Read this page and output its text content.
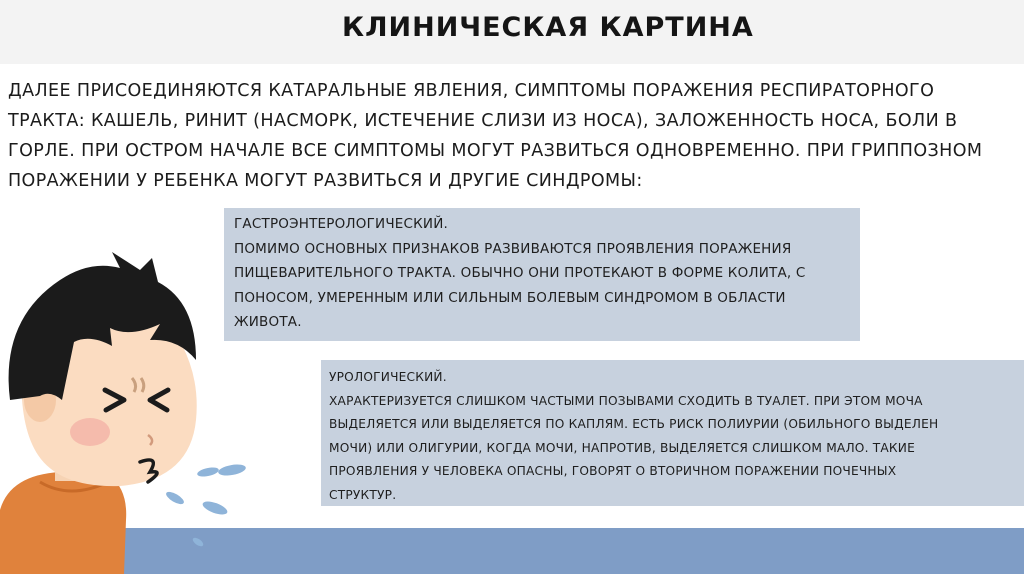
КЛИНИЧЕСКАЯ КАРТИНА
ДАЛЕЕ ПРИСОЕДИНЯЮТСЯ КАТАРАЛЬНЫЕ ЯВЛЕНИЯ, СИМПТОМЫ ПОРАЖЕНИЯ РЕСПИРАТОРНОГО ТРАКТА: КАШЕЛЬ, РИНИТ (НАСМОРК, ИСТЕЧЕНИЕ СЛИЗИ ИЗ НОСА), ЗАЛОЖЕННОСТЬ НОСА, БОЛИ В ГОРЛЕ. ПРИ ОСТРОМ НАЧАЛЕ ВСЕ СИМПТОМЫ МОГУТ РАЗВИТЬСЯ ОДНОВРЕМЕННО. ПРИ ГРИППОЗНОМ ПОРАЖЕНИИ У РЕБЕНКА МОГУТ РАЗВИТЬСЯ И ДРУГИЕ СИНДРОМЫ:

ГАСТРОЭНТЕРОЛОГИЧЕСКИЙ.

ПОМИМО ОСНОВНЫХ ПРИЗНАКОВ РАЗВИВАЮТСЯ ПРОЯВЛЕНИЯ ПОРАЖЕНИЯ ПИЩЕВАРИТЕЛЬНОГО ТРАКТА. ОБЫЧНО ОНИ ПРОТЕКАЮТ В ФОРМЕ КОЛИТА, С ПОНОСОМ, УМЕРЕННЫМ ИЛИ СИЛЬНЫМ БОЛЕВЫМ СИНДРОМОМ В ОБЛАСТИ ЖИВОТА.

УРОЛОГИЧЕСКИЙ.

ХАРАКТЕРИЗУЕТСЯ СЛИШКОМ ЧАСТЫМИ ПОЗЫВАМИ СХОДИТЬ В ТУАЛЕТ. ПРИ ЭТОМ МОЧА

ВЫДЕЛЯЕТСЯ ИЛИ ВЫДЕЛЯЕТСЯ ПО КАПЛЯМ. ЕСТЬ РИСК ПОЛИУРИИ (ОБИЛЬНОГО ВЫДЕЛЕН

МОЧИ) ИЛИ ОЛИГУРИИ, КОГДА МОЧИ, НАПРОТИВ, ВЫДЕЛЯЕТСЯ СЛИШКОМ МАЛО. ТАКИЕ

ПРОЯВЛЕНИЯ У ЧЕЛОВЕКА ОПАСНЫ, ГОВОРЯТ О ВТОРИЧНОМ ПОРАЖЕНИИ ПОЧЕЧНЫХ

СТРУКТУР.
